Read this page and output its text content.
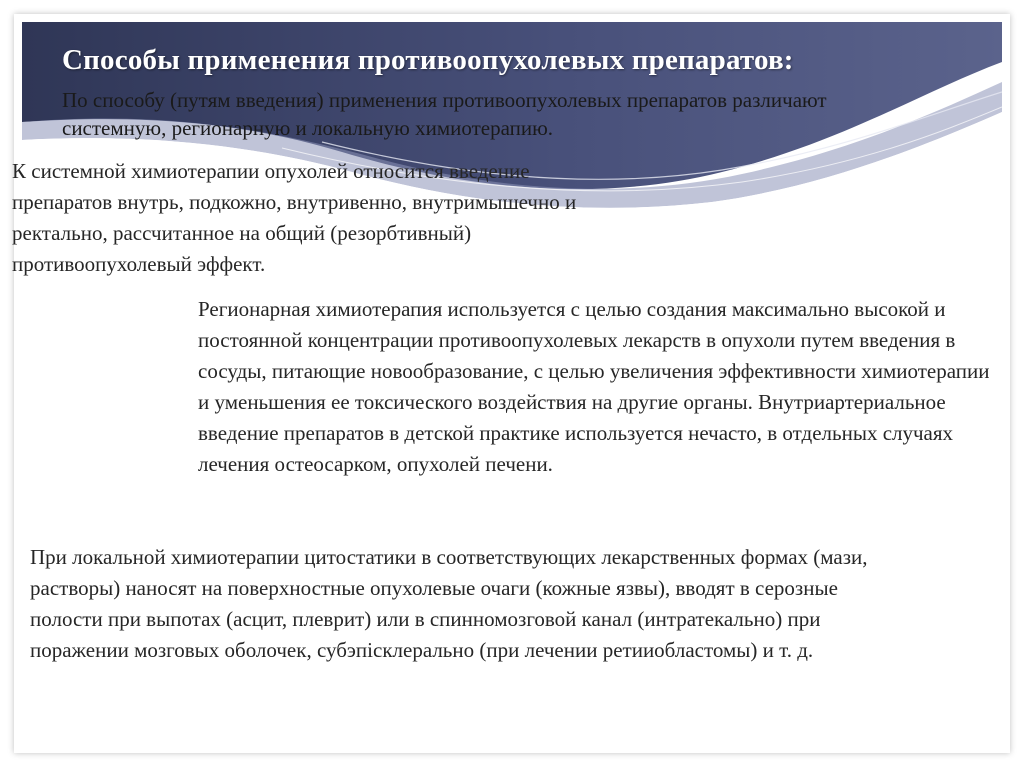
Способы применения противоопухолевых препаратов:

По способу (путям введения) применения противоопухолевых препаратов различают системную, регионарную и локальную химиотерапию.

К системной химиотерапии опухолей относится введение препаратов внутрь, подкожно, внутривенно, внутримышечно и ректально, рассчитанное на общий (резорбтивный) противоопухолевый эффект.

Регионарная химиотерапия используется с целью создания максимально высокой и постоянной концентрации противоопухолевых лекарств в опухоли путем введения в сосуды, питающие новообразование, с целью увеличения эффективности химиотерапии и уменьшения ее токсического воздействия на другие органы. Внутриартериальное введение препаратов в детской практике используется нечасто, в отдельных случаях лечения остеосарком, опухолей печени.

При локальной химиотерапии цитостатики в соответствующих лекарственных формах (мази, растворы) наносят на поверхностные опухолевые очаги (кожные язвы), вводят в серозные полости при выпотах (асцит, плеврит) или в спинномозговой канал (интратекально) при поражении мозговых оболочек, субэпісклерально (при лечении ретииобластомы) и т. д.
